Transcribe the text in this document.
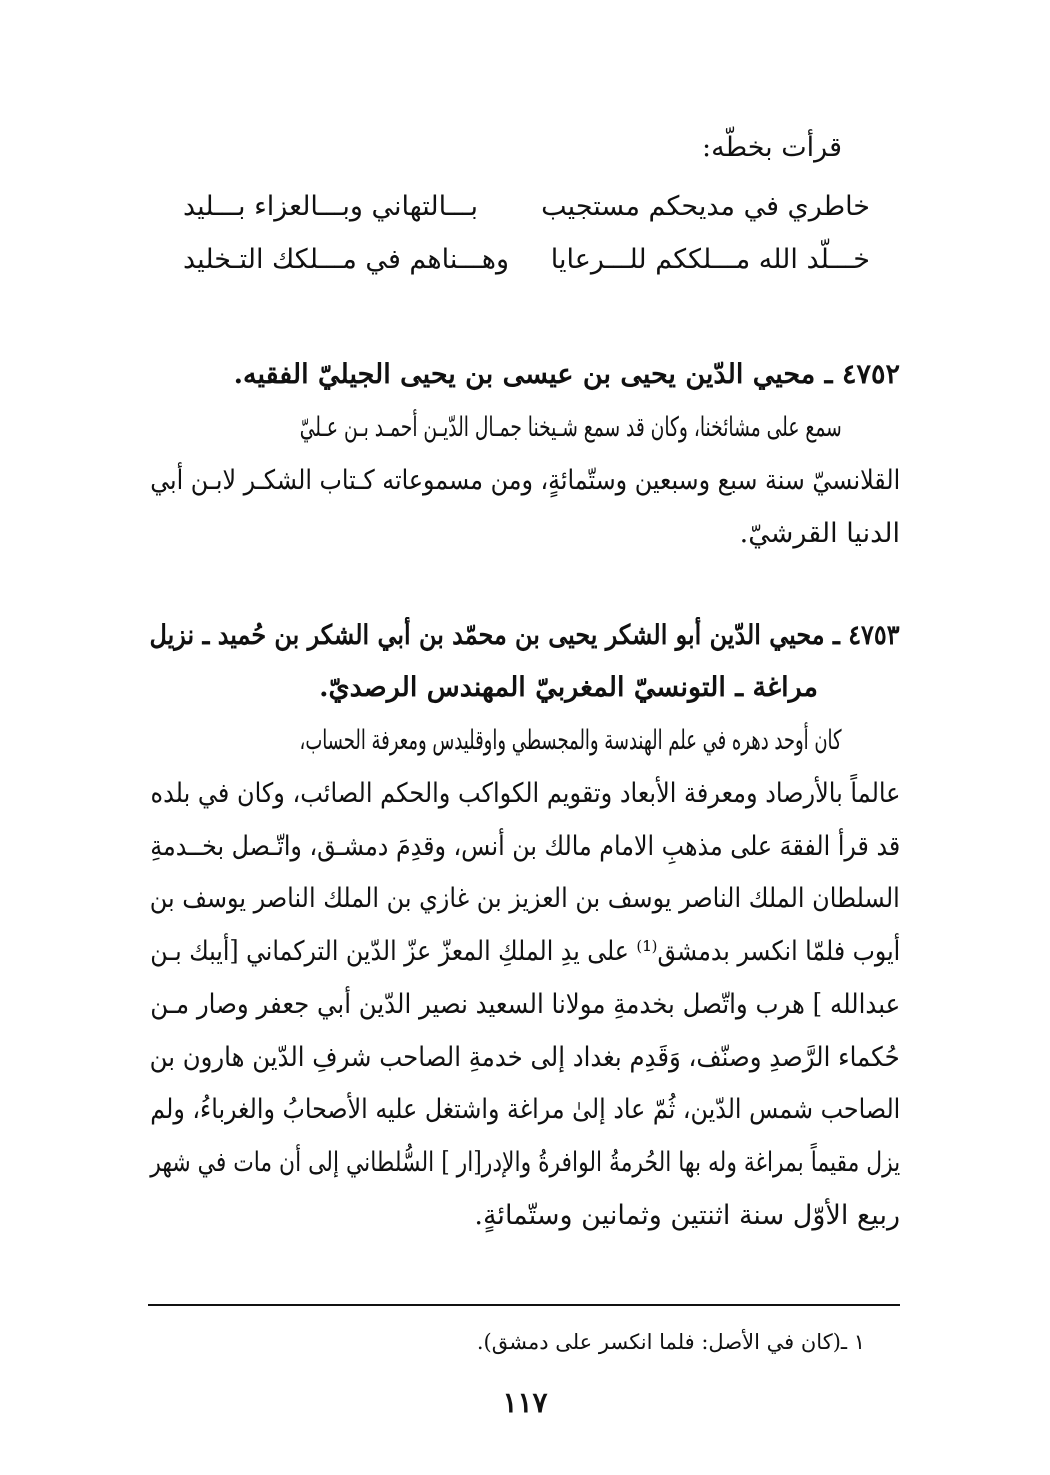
قرأت بخطّه:
خاطري في مديحكم مستجيب
بـــالتهاني وبـــالعزاء بـــليد
خـــلّد الله مـــلككم للـــرعايا
وهـــناهم في مـــلكك التـخليد
٤٧٥٢ ـ محيي الدّين يحيى بن عيسى بن يحيى الجيليّ الفقيه.
سمع على مشائخنا، وكان قد سمع شـيخنا جمـال الدّيـن أحمـد بـن عـليّ
القلانسيّ سنة سبع وسبعين وستّمائةٍ، ومن مسموعاته كـتاب الشكـر لابـن أبي
الدنيا القرشيّ.
٤٧٥٣ ـ محيي الدّين أبو الشكر يحيى بن محمّد بن أبي الشكر بن حُميد ـ نزيل
مراغة ـ التونسيّ المغربيّ المهندس الرصديّ.
كان أوحد دهره في علم الهندسة والمجسطي واوقليدس ومعرفة الحساب،
عالماً بالأرصاد ومعرفة الأبعاد وتقويم الكواكب والحكم الصائب، وكان في بلده
قد قرأ الفقهَ على مذهبِ الامام مالك بن أنس، وقدِمَ دمشـق، واتّـصل بخــدمةِ
السلطان الملك الناصر يوسف بن العزيز بن غازي بن الملك الناصر يوسف بن
أيوب فلمّا انكسر بدمشق⁽¹⁾ على يدِ الملكِ المعزّ عزّ الدّين التركماني [أيبك بـن
عبدالله ] هرب واتّصل بخدمةِ مولانا السعيد نصير الدّين أبي جعفر وصار مـن
حُكماء الرَّصدِ وصنّف، وَقَدِم بغداد إلى خدمةِ الصاحب شرفِ الدّين هارون بن
الصاحب شمس الدّين، ثُمّ عاد إلىٰ مراغة واشتغل عليه الأصحابُ والغرباءُ، ولم
يزل مقيماً بمراغة وله بها الحُرمةُ الوافرةُ والإدر[ار ] السُّلطاني إلى أن مات في شهر
ربيع الأوّل سنة اثنتين وثمانين وستّمائةٍ.
١ ـ(كان في الأصل: فلما انكسر على دمشق).
١١٧
